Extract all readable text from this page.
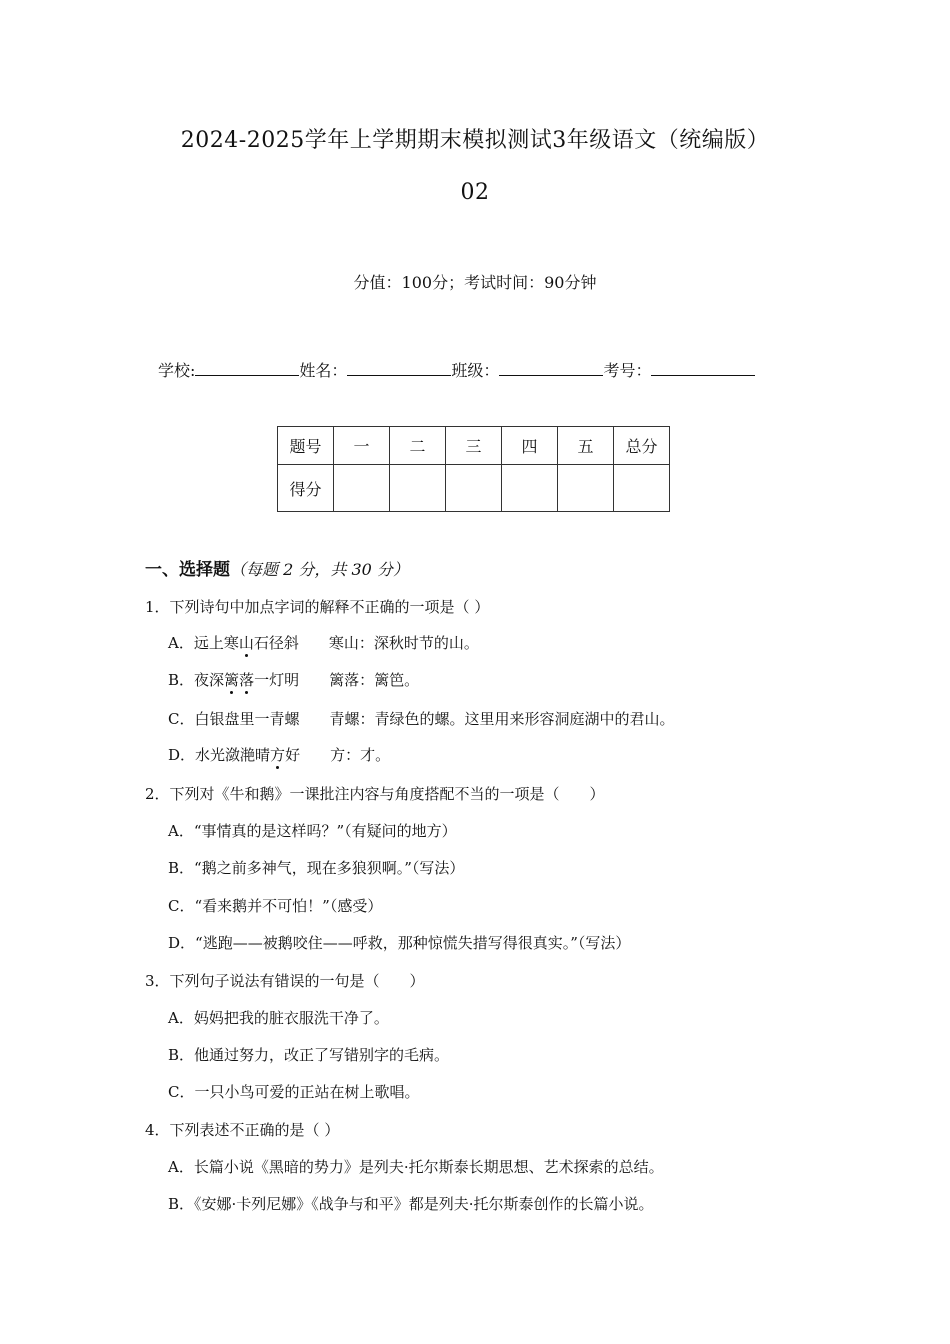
2024-2025学年上学期期末模拟测试3年级语文（统编版）
02
分值：100分；考试时间：90分钟
学校:	姓名：	班级：	考号：
题号	一	二	三	四	五	总分
得分						
一、选择题（每题 2 分，共 30 分）
1．下列诗句中加点字词的解释不正确的一项是（ ）
A．远上寒山石径斜 寒山：深秋时节的山。
B．夜深篱落一灯明 篱落：篱笆。
C．白银盘里一青螺 青螺：青绿色的螺。这里用来形容洞庭湖中的君山。
D．水光潋滟晴方好 方：才。
2．下列对《牛和鹅》一课批注内容与角度搭配不当的一项是（　　）
A．“事情真的是这样吗？”（有疑问的地方）
B．“鹅之前多神气，现在多狼狈啊。”（写法）
C．“看来鹅并不可怕！”（感受）
D．“逃跑——被鹅咬住——呼救，那种惊慌失措写得很真实。”（写法）
3．下列句子说法有错误的一句是（　　）
A．妈妈把我的脏衣服洗干净了。
B．他通过努力，改正了写错别字的毛病。
C．一只小鸟可爱的正站在树上歌唱。
4．下列表述不正确的是（ ）
A．长篇小说《黑暗的势力》是列夫·托尔斯泰长期思想、艺术探索的总结。
B．《安娜·卡列尼娜》《战争与和平》都是列夫·托尔斯泰创作的长篇小说。
